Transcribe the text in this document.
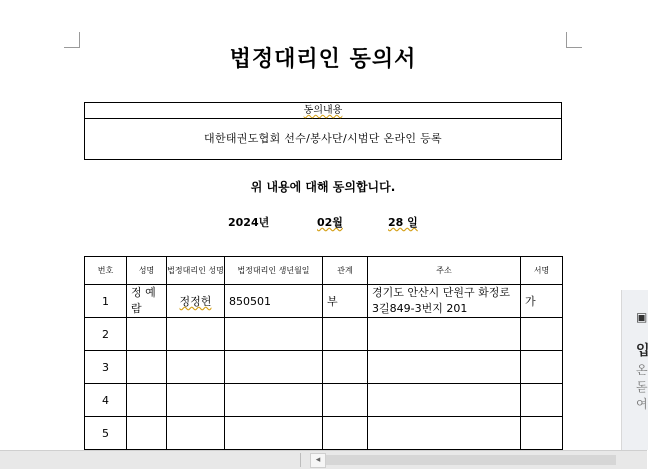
법정대리인 동의서
동의내용
대한태권도협회 선수/봉사단/시범단 온라인 등록
위 내용에 대해 동의합니다.
2024년	02월	28 일
번호	성명	법정대리인 성명	법정대리인 생년월일	관계	주소	서명
1	정 예 람	정정헌	850501	부	경기도 안산시 단원구 화정로 3길849-3번지 201	가
2						
3						
4						
5						
▣
입
온
돋
여
◂
